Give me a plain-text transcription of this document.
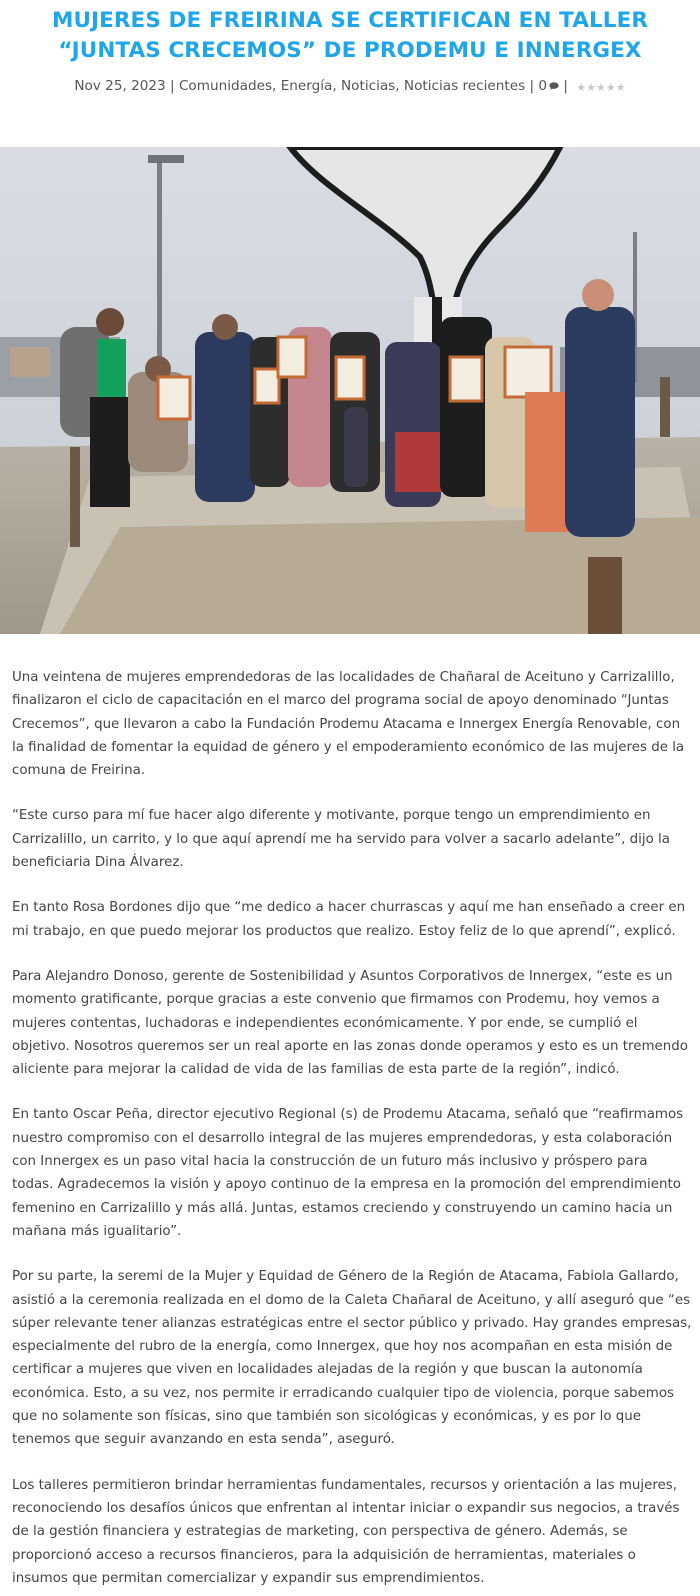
MUJERES DE FREIRINA SE CERTIFICAN EN TALLER “JUNTAS CRECEMOS” DE PRODEMU E INNERGEX
Nov 25, 2023 | Comunidades, Energía, Noticias, Noticias recientes | 0 | ★★★★★

Una veintena de mujeres emprendedoras de las localidades de Chañaral de Aceituno y Carrizalillo, finalizaron el ciclo de capacitación en el marco del programa social de apoyo denominado “Juntas Crecemos”, que llevaron a cabo la Fundación Prodemu Atacama e Innergex Energía Renovable, con la finalidad de fomentar la equidad de género y el empoderamiento económico de las mujeres de la comuna de Freirina.

“Este curso para mí fue hacer algo diferente y motivante, porque tengo un emprendimiento en Carrizalillo, un carrito, y lo que aquí aprendí me ha servido para volver a sacarlo adelante”, dijo la beneficiaria Dina Álvarez.

En tanto Rosa Bordones dijo que “me dedico a hacer churrascas y aquí me han enseñado a creer en mi trabajo, en que puedo mejorar los productos que realizo. Estoy feliz de lo que aprendí”, explicó.

Para Alejandro Donoso, gerente de Sostenibilidad y Asuntos Corporativos de Innergex, “este es un momento gratificante, porque gracias a este convenio que firmamos con Prodemu, hoy vemos a mujeres contentas, luchadoras e independientes económicamente. Y por ende, se cumplió el objetivo. Nosotros queremos ser un real aporte en las zonas donde operamos y esto es un tremendo aliciente para mejorar la calidad de vida de las familias de esta parte de la región”, indicó.

En tanto Oscar Peña, director ejecutivo Regional (s) de Prodemu Atacama, señaló que “reafirmamos nuestro compromiso con el desarrollo integral de las mujeres emprendedoras, y esta colaboración con Innergex es un paso vital hacia la construcción de un futuro más inclusivo y próspero para todas. Agradecemos la visión y apoyo continuo de la empresa en la promoción del emprendimiento femenino en Carrizalillo y más allá. Juntas, estamos creciendo y construyendo un camino hacia un mañana más igualitario”.

Por su parte, la seremi de la Mujer y Equidad de Género de la Región de Atacama, Fabiola Gallardo, asistió a la ceremonia realizada en el domo de la Caleta Chañaral de Aceituno, y allí aseguró que “es súper relevante tener alianzas estratégicas entre el sector público y privado. Hay grandes empresas, especialmente del rubro de la energía, como Innergex, que hoy nos acompañan en esta misión de certificar a mujeres que viven en localidades alejadas de la región y que buscan la autonomía económica. Esto, a su vez, nos permite ir erradicando cualquier tipo de violencia, porque sabemos que no solamente son físicas, sino que también son sicológicas y económicas, y es por lo que tenemos que seguir avanzando en esta senda”, aseguró.

Los talleres permitieron brindar herramientas fundamentales, recursos y orientación a las mujeres, reconociendo los desafíos únicos que enfrentan al intentar iniciar o expandir sus negocios, a través de la gestión financiera y estrategias de marketing, con perspectiva de género. Además, se proporcionó acceso a recursos financieros, para la adquisición de herramientas, materiales o insumos que permitan comercializar y expandir sus emprendimientos.
